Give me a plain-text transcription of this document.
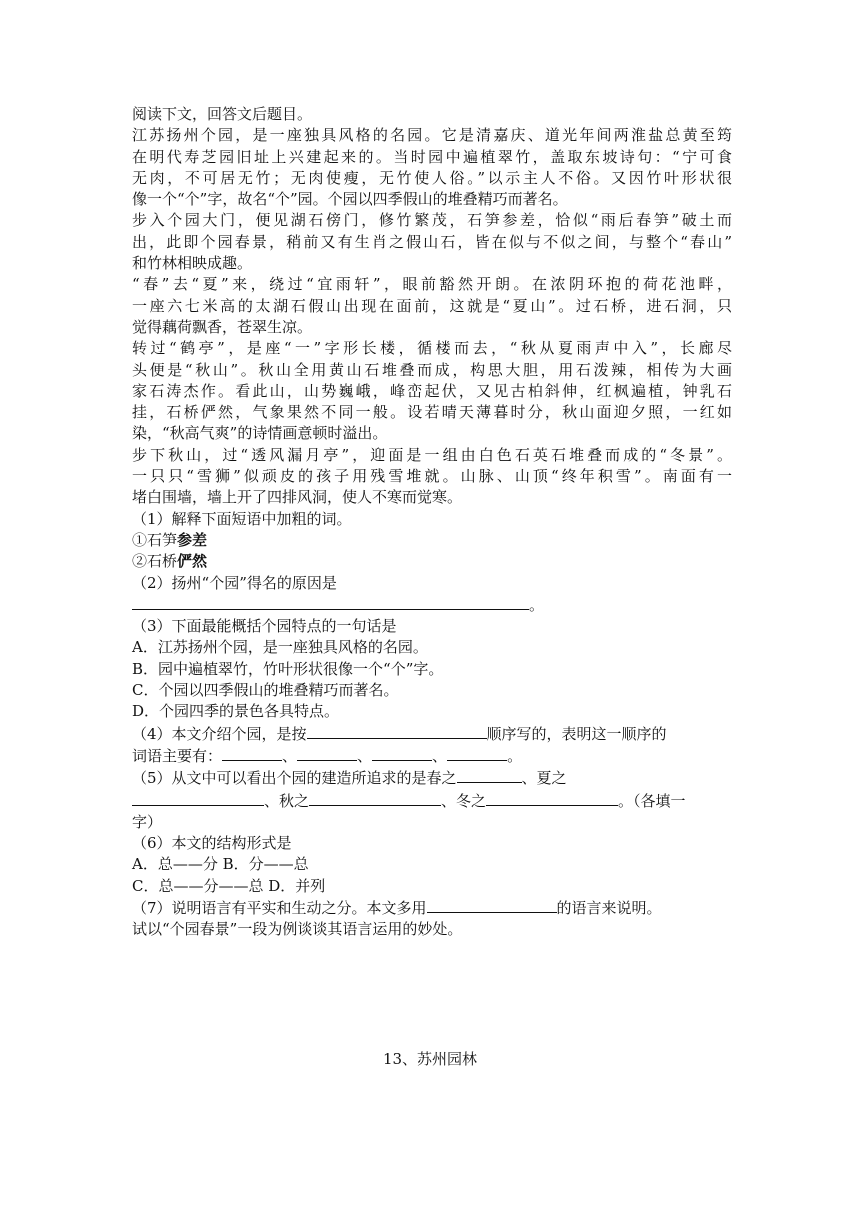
阅读下文，回答文后题目。
江苏扬州个园，是一座独具风格的名园。它是清嘉庆、道光年间两淮盐总黄至筠
在明代寿芝园旧址上兴建起来的。当时园中遍植翠竹，盖取东坡诗句：“宁可食
无肉，不可居无竹；无肉使瘦，无竹使人俗。”以示主人不俗。又因竹叶形状很
像一个“个”字，故名“个”园。个园以四季假山的堆叠精巧而著名。
步入个园大门，便见湖石傍门，修竹繁茂，石笋参差，恰似“雨后春笋”破土而
出，此即个园春景，稍前又有生肖之假山石，皆在似与不似之间，与整个“春山”
和竹林相映成趣。
“春”去“夏”来，绕过“宜雨轩”，眼前豁然开朗。在浓阴环抱的荷花池畔，
一座六七米高的太湖石假山出现在面前，这就是“夏山”。过石桥，进石洞，只
觉得藕荷飘香，苍翠生凉。
转过“鹤亭”，是座“一”字形长楼，循楼而去，“秋从夏雨声中入”，长廊尽
头便是“秋山”。秋山全用黄山石堆叠而成，构思大胆，用石泼辣，相传为大画
家石涛杰作。看此山，山势巍峨，峰峦起伏，又见古柏斜伸，红枫遍植，钟乳石
挂，石桥俨然，气象果然不同一般。设若晴天薄暮时分，秋山面迎夕照，一红如
染，“秋高气爽”的诗情画意顿时溢出。
步下秋山，过“透风漏月亭”，迎面是一组由白色石英石堆叠而成的“冬景”。
一只只“雪狮”似顽皮的孩子用残雪堆就。山脉、山顶“终年积雪”。南面有一
堵白围墙，墙上开了四排风洞，使人不寒而觉寒。
（1）解释下面短语中加粗的词。
①石笋参差
②石桥俨然
（2）扬州“个园”得名的原因是
。
（3）下面最能概括个园特点的一句话是
A．江苏扬州个园，是一座独具风格的名园。
B．园中遍植翠竹，竹叶形状很像一个“个”字。
C．个园以四季假山的堆叠精巧而著名。
D．个园四季的景色各具特点。
（4）本文介绍个园，是按	顺序写的，表明这一顺序的
词语主要有：	、	、	、	。
（5）从文中可以看出个园的建造所追求的是春之	、夏之
、秋之	、冬之	。（各填一
字）
（6）本文的结构形式是
A．总——分 B．分——总
C．总——分——总 D．并列
（7）说明语言有平实和生动之分。本文多用	的语言来说明。
试以“个园春景”一段为例谈谈其语言运用的妙处。
13、苏州园林
